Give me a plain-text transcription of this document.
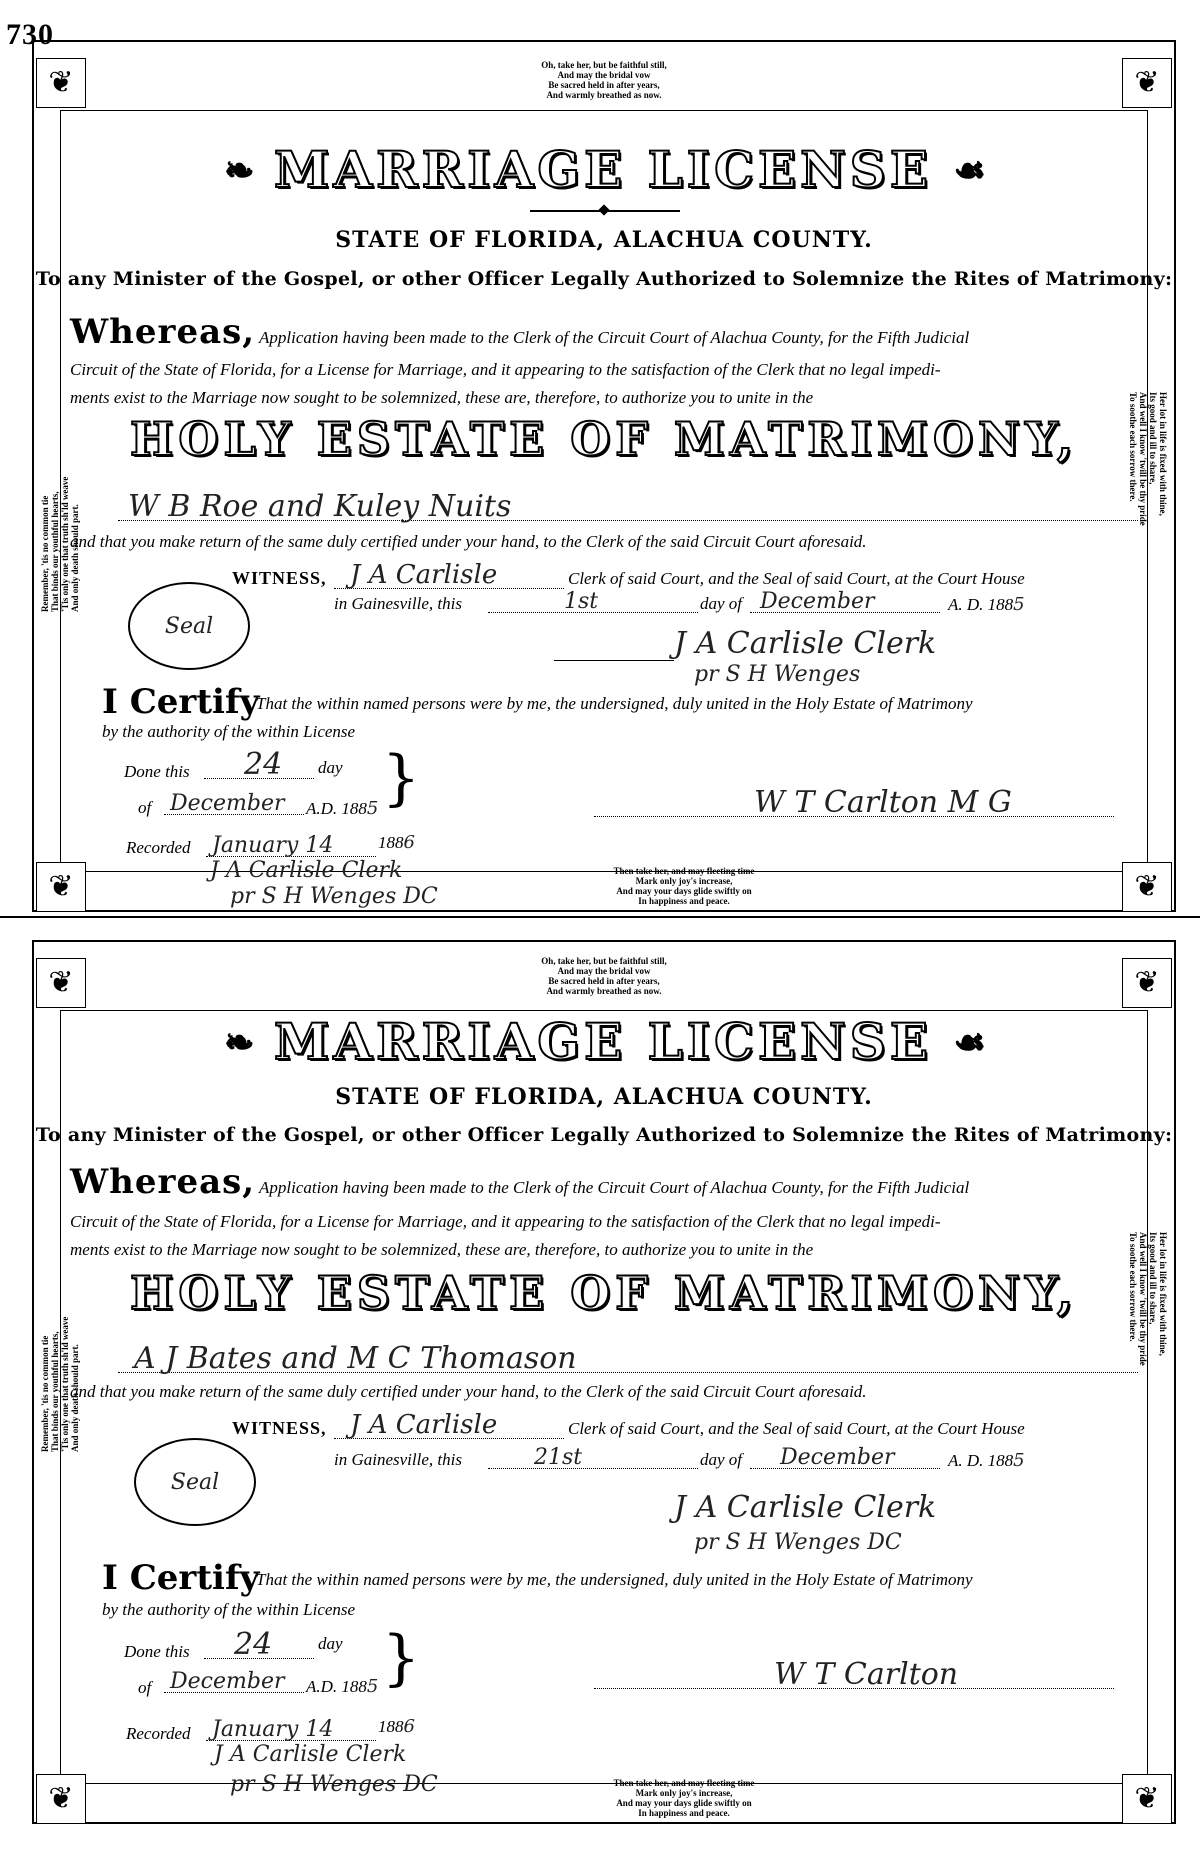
730
❦	❦
❦	❦
Oh, take her, but be faithful still,
And may the bridal vow
Be sacred held in after years,
And warmly breathed as now.
Remember, 'tis no common tie That binds our youthful hearts, 'Tis only one that truth sh'ld weave And only death should part.
Her lot in life is fixed with thine,
Its good and ill to share,
And well I know 'twill be thy pride
To soothe each sorrow there.
❧ MARRIAGE LICENSE ☙
STATE OF FLORIDA, ALACHUA COUNTY.
To any Minister of the Gospel, or other Officer Legally Authorized to Solemnize the Rites of Matrimony:
Whereas, Application having been made to the Clerk of the Circuit Court of Alachua County, for the Fifth Judicial
Circuit of the State of Florida, for a License for Marriage, and it appearing to the satisfaction of the Clerk that no legal impedi-
ments exist to the Marriage now sought to be solemnized, these are, therefore, to authorize you to unite in the
HOLY ESTATE OF MATRIMONY,
W B Roe and Kuley Nuits
and that you make return of the same duly certified under your hand, to the Clerk of the said Circuit Court aforesaid.
WITNESS, J A Carlisle	Clerk of said Court, and the Seal of said Court, at the Court House
in Gainesville, this	1st	day of December	A. D. 1885
Seal	J A Carlisle Clerk
pr S H Wenges
I Certify
That the within named persons were by me, the undersigned, duly united in the Holy Estate of Matrimony
by the authority of the within License
Done this 24 day
of December A.D. 1885 }	W T Carlton M G
Recorded January 14	1886
J A Carlisle Clerk
pr S H Wenges DC
Then take her, and may fleeting time
Mark only joy's increase,
And may your days glide swiftly on
In happiness and peace.
❦	❦
❦	❦
Oh, take her, but be faithful still,
And may the bridal vow
Be sacred held in after years,
And warmly breathed as now.
Remember, 'tis no common tie That binds our youthful hearts, 'Tis only one that truth sh'ld weave And only death should part.
Her lot in life is fixed with thine,
Its good and ill to share,
And well I know 'twill be thy pride
To soothe each sorrow there.
❧ MARRIAGE LICENSE ☙
STATE OF FLORIDA, ALACHUA COUNTY.
To any Minister of the Gospel, or other Officer Legally Authorized to Solemnize the Rites of Matrimony:
Whereas, Application having been made to the Clerk of the Circuit Court of Alachua County, for the Fifth Judicial
Circuit of the State of Florida, for a License for Marriage, and it appearing to the satisfaction of the Clerk that no legal impedi-
ments exist to the Marriage now sought to be solemnized, these are, therefore, to authorize you to unite in the
HOLY ESTATE OF MATRIMONY,
A J Bates and M C Thomason
and that you make return of the same duly certified under your hand, to the Clerk of the said Circuit Court aforesaid.
WITNESS, J A Carlisle	Clerk of said Court, and the Seal of said Court, at the Court House
in Gainesville, this	21st	day of December	A. D. 1885
Seal
J A Carlisle Clerk
pr S H Wenges DC
I Certify
That the within named persons were by me, the undersigned, duly united in the Holy Estate of Matrimony
by the authority of the within License
Done this 24	day
of December A.D. 1885 }	W T Carlton
Recorded January 14	1886
J A Carlisle Clerk
pr S H Wenges DC	Then take her, and may fleeting time
Mark only joy's increase,
And may your days glide swiftly on
In happiness and peace.
